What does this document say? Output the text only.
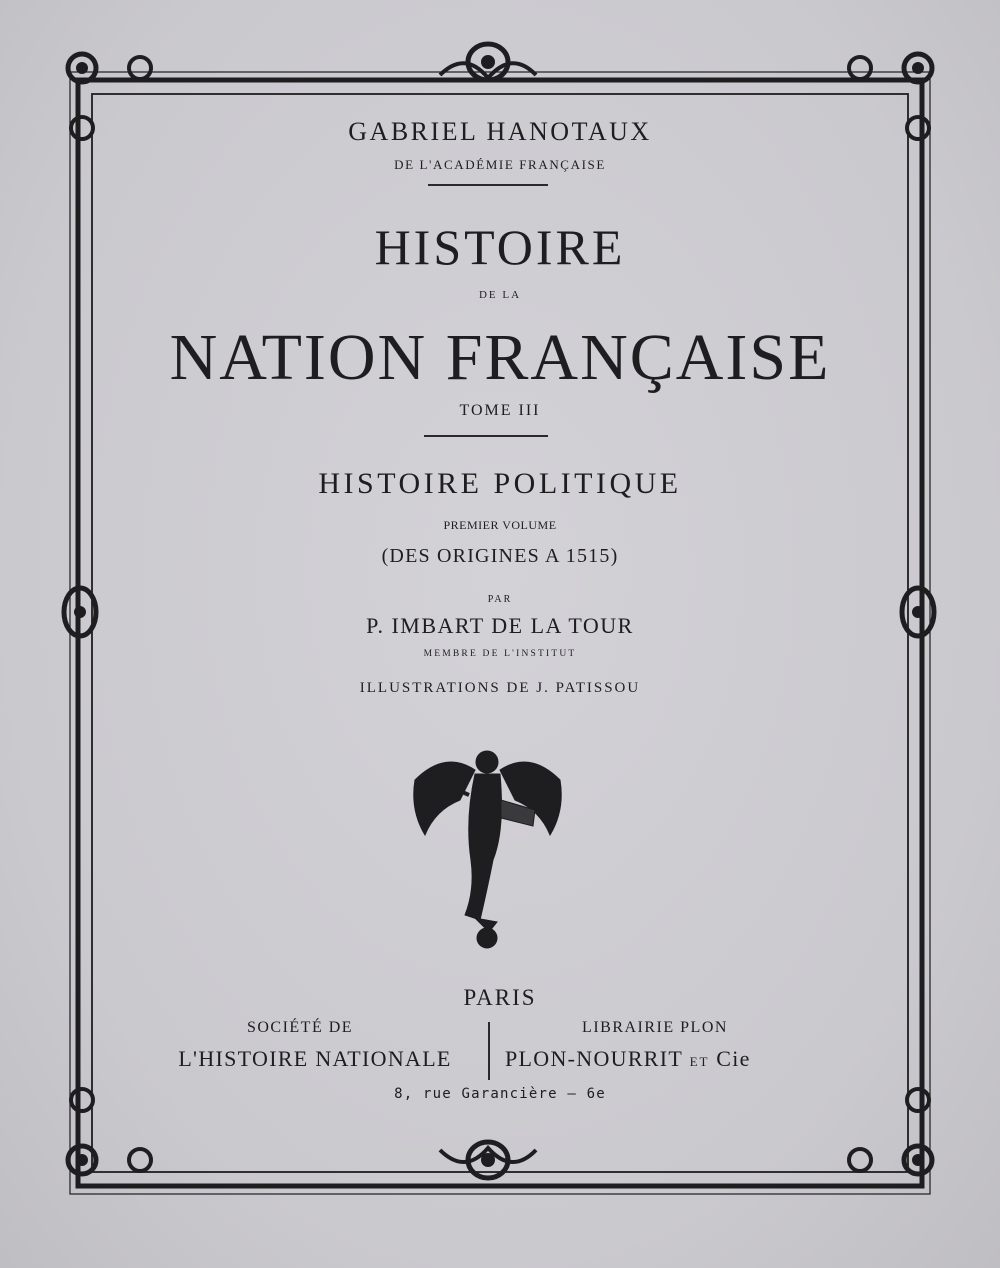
GABRIEL HANOTAUX
DE L'ACADÉMIE FRANÇAISE
HISTOIRE
DE LA
NATION FRANÇAISE
TOME III
HISTOIRE POLITIQUE
PREMIER VOLUME
(DES ORIGINES A 1515)
PAR
P. IMBART DE LA TOUR
MEMBRE DE L'INSTITUT
ILLUSTRATIONS DE J. PATISSOU
PARIS
SOCIÉTÉ DE
L'HISTOIRE NATIONALE
LIBRAIRIE PLON
PLON-NOURRIT ET Cie
8, rue Garancière — 6e
